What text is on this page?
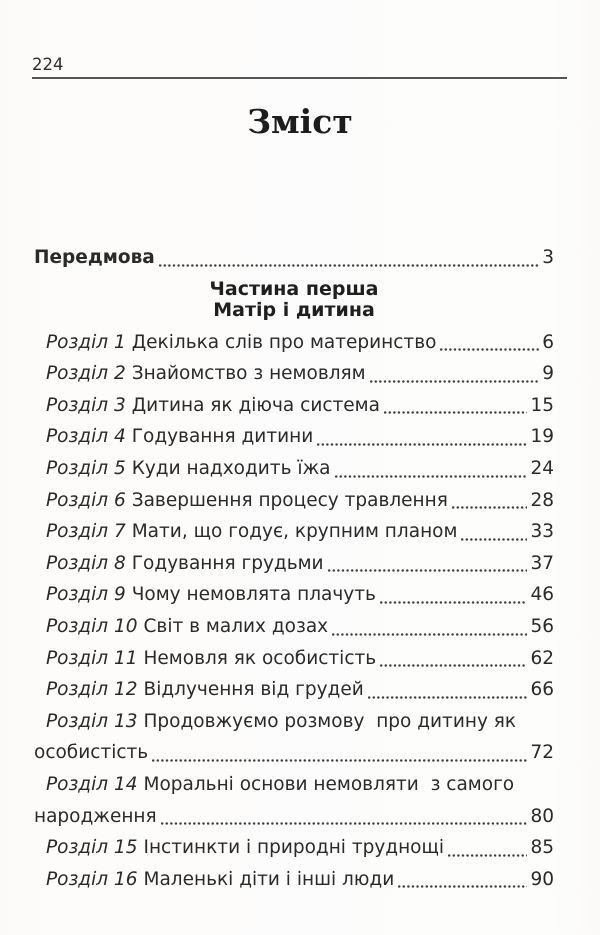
224
Зміст
Передмова	3
Частина перша
Матір і дитина
Розділ 1 Декілька слів про материнство	6
Розділ 2 Знайомство з немовлям	9
Розділ 3 Дитина як діюча система	15
Розділ 4 Годування дитини	19
Розділ 5 Куди надходить їжа	24
Розділ 6 Завершення процесу травлення	28
Розділ 7 Мати, що годує, крупним планом	33
Розділ 8 Годування грудьми	37
Розділ 9 Чому немовлята плачуть	46
Розділ 10 Світ в малих дозах	56
Розділ 11 Немовля як особистість	62
Розділ 12 Відлучення від грудей	66
Розділ 13 Продовжуємо розмову  про дитину як
особистість	72
Розділ 14 Моральні основи немовляти  з самого
народження	80
Розділ 15 Інстинкти і природні труднощі	85
Розділ 16 Маленькі діти і інші люди	90
